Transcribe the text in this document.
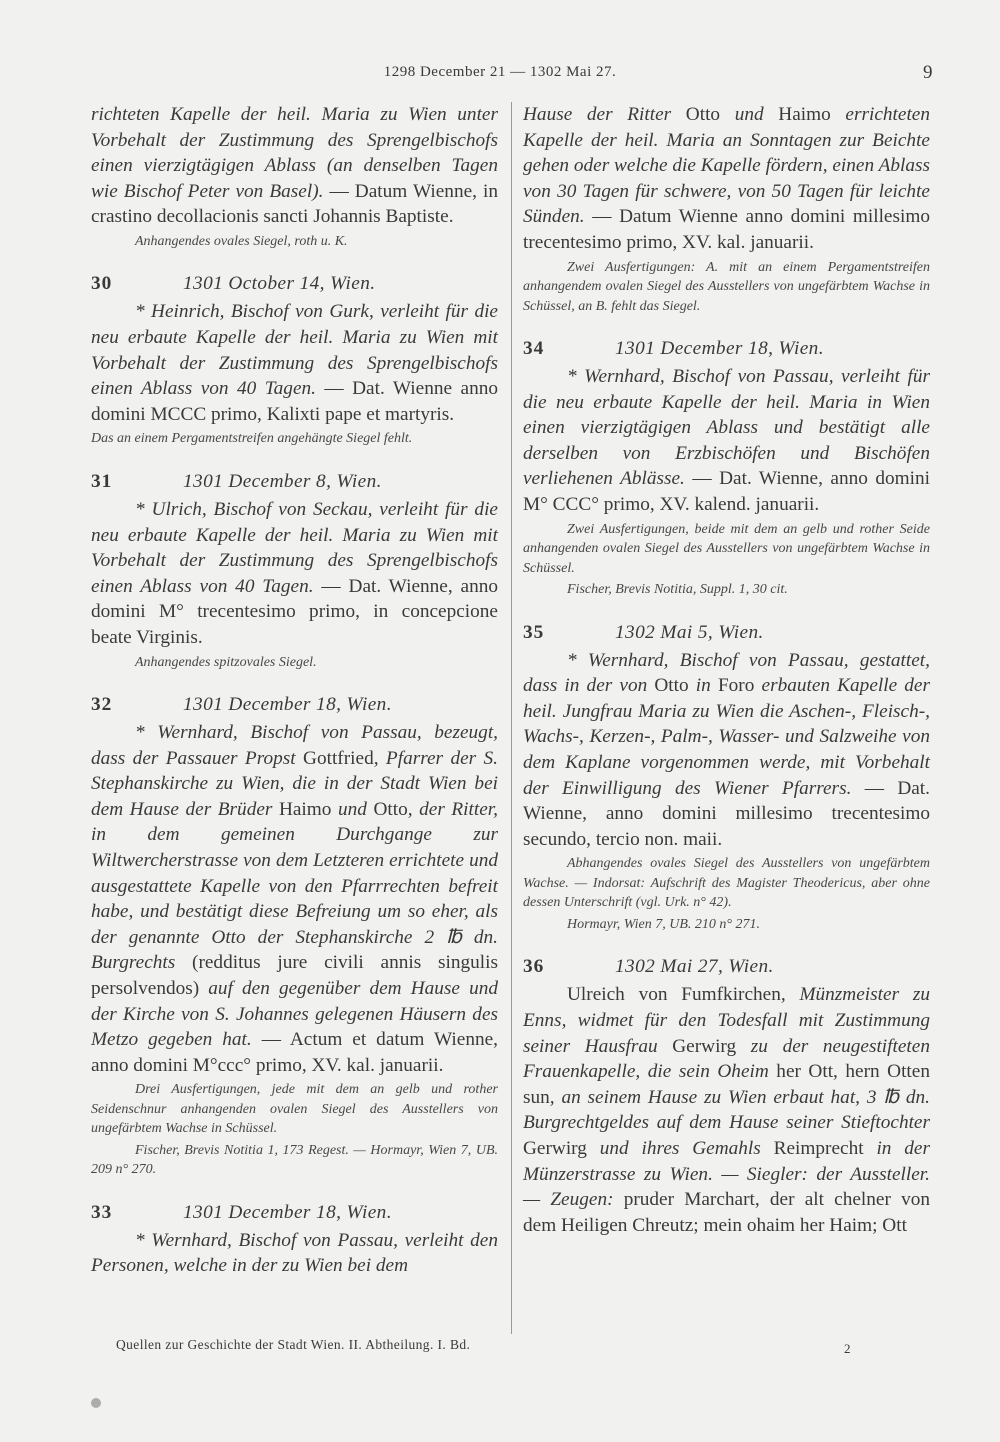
1298 December 21 — 1302 Mai 27.	9

richteten Kapelle der heil. Maria zu Wien unter Vorbehalt der Zustimmung des Sprengelbischofs einen vierzigtägigen Ablass (an denselben Tagen wie Bischof Peter von Basel). — Datum Wienne, in crastino decollacionis sancti Johannis Baptiste.

Anhangendes ovales Siegel, roth u. K.
30	1301 October 14, Wien.

* Heinrich, Bischof von Gurk, verleiht für die neu erbaute Kapelle der heil. Maria zu Wien mit Vorbehalt der Zustimmung des Sprengelbischofs einen Ablass von 40 Tagen. — Dat. Wienne anno domini MCCC primo, Kalixti pape et martyris.

Das an einem Pergamentstreifen angehängte Siegel fehlt.
31	1301 December 8, Wien.

* Ulrich, Bischof von Seckau, verleiht für die neu erbaute Kapelle der heil. Maria zu Wien mit Vorbehalt der Zustimmung des Sprengelbischofs einen Ablass von 40 Tagen. — Dat. Wienne, anno domini M° trecentesimo primo, in concepcione beate Virginis.

Anhangendes spitzovales Siegel.
32	1301 December 18, Wien.

* Wernhard, Bischof von Passau, bezeugt, dass der Passauer Propst Gottfried, Pfarrer der S. Stephanskirche zu Wien, die in der Stadt Wien bei dem Hause der Brüder Haimo und Otto, der Ritter, in dem gemeinen Durchgange zur Wiltwercherstrasse von dem Letzteren errichtete und ausgestattete Kapelle von den Pfarrrechten befreit habe, und bestätigt diese Befreiung um so eher, als der genannte Otto der Stephanskirche 2 ℔ dn. Burgrechts (redditus jure civili annis singulis persolvendos) auf den gegenüber dem Hause und der Kirche von S. Johannes gelegenen Häusern des Metzo gegeben hat. — Actum et datum Wienne, anno domini M°ccc° primo, XV. kal. januarii.

Drei Ausfertigungen, jede mit dem an gelb und rother Seidenschnur anhangenden ovalen Siegel des Ausstellers von ungefärbtem Wachse in Schüssel.
Fischer, Brevis Notitia 1, 173 Regest. — Hormayr, Wien 7, UB. 209 n° 270.
33	1301 December 18, Wien.

* Wernhard, Bischof von Passau, verleiht den Personen, welche in der zu Wien bei dem

Hause der Ritter Otto und Haimo errichteten Kapelle der heil. Maria an Sonntagen zur Beichte gehen oder welche die Kapelle fördern, einen Ablass von 30 Tagen für schwere, von 50 Tagen für leichte Sünden. — Datum Wienne anno domini millesimo trecentesimo primo, XV. kal. januarii.

Zwei Ausfertigungen: A. mit an einem Pergamentstreifen anhangendem ovalen Siegel des Ausstellers von ungefärbtem Wachse in Schüssel, an B. fehlt das Siegel.
34	1301 December 18, Wien.

* Wernhard, Bischof von Passau, verleiht für die neu erbaute Kapelle der heil. Maria in Wien einen vierzigtägigen Ablass und bestätigt alle derselben von Erzbischöfen und Bischöfen verliehenen Ablässe. — Dat. Wienne, anno domini M° CCC° primo, XV. kalend. januarii.

Zwei Ausfertigungen, beide mit dem an gelb und rother Seide anhangenden ovalen Siegel des Ausstellers von ungefärbtem Wachse in Schüssel.
Fischer, Brevis Notitia, Suppl. 1, 30 cit.
35	1302 Mai 5, Wien.

* Wernhard, Bischof von Passau, gestattet, dass in der von Otto in Foro erbauten Kapelle der heil. Jungfrau Maria zu Wien die Aschen-, Fleisch-, Wachs-, Kerzen-, Palm-, Wasser- und Salzweihe von dem Kaplane vorgenommen werde, mit Vorbehalt der Einwilligung des Wiener Pfarrers. — Dat. Wienne, anno domini millesimo trecentesimo secundo, tercio non. maii.

Abhangendes ovales Siegel des Ausstellers von ungefärbtem Wachse. — Indorsat: Aufschrift des Magister Theodericus, aber ohne dessen Unterschrift (vgl. Urk. n° 42).
Hormayr, Wien 7, UB. 210 n° 271.
36	1302 Mai 27, Wien.

Ulreich von Fumfkirchen, Münzmeister zu Enns, widmet für den Todesfall mit Zustimmung seiner Hausfrau Gerwirg zu der neugestifteten Frauenkapelle, die sein Oheim her Ott, hern Otten sun, an seinem Hause zu Wien erbaut hat, 3 ℔ dn. Burgrechtgeldes auf dem Hause seiner Stieftochter Gerwirg und ihres Gemahls Reimprecht in der Münzerstrasse zu Wien. — Siegler: der Aussteller. — Zeugen: pruder Marchart, der alt chelner von dem Heiligen Chreutz; mein ohaim her Haim; Ott

Quellen zur Geschichte der Stadt Wien. II. Abtheilung. I. Bd.	2
